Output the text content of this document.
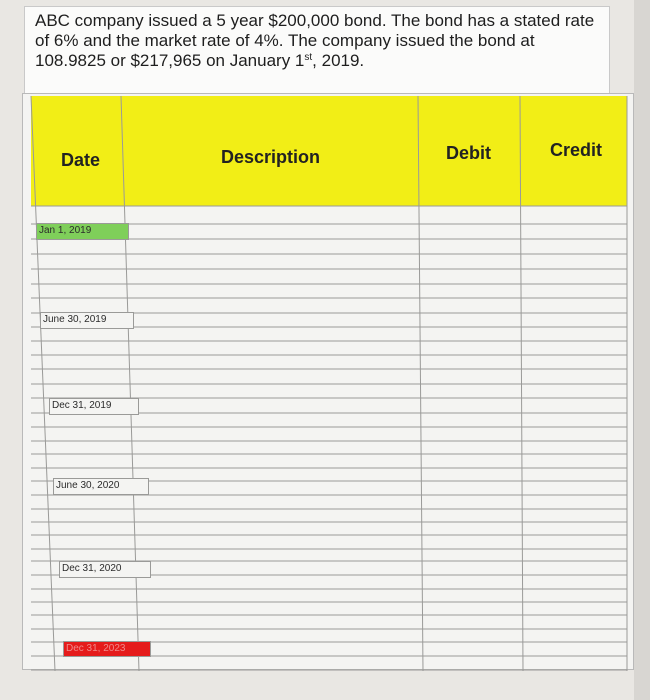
ABC company issued a 5 year $200,000 bond. The bond has a stated rate

of 6% and the market rate of 4%. The company issued the bond at

108.9825 or $217,965 on January 1st, 2019.

Date	Description	Debit	Credit
Jan 1, 2019
June 30, 2019
Dec 31, 2019
June 30, 2020
Dec 31, 2020
Dec 31, 2023
